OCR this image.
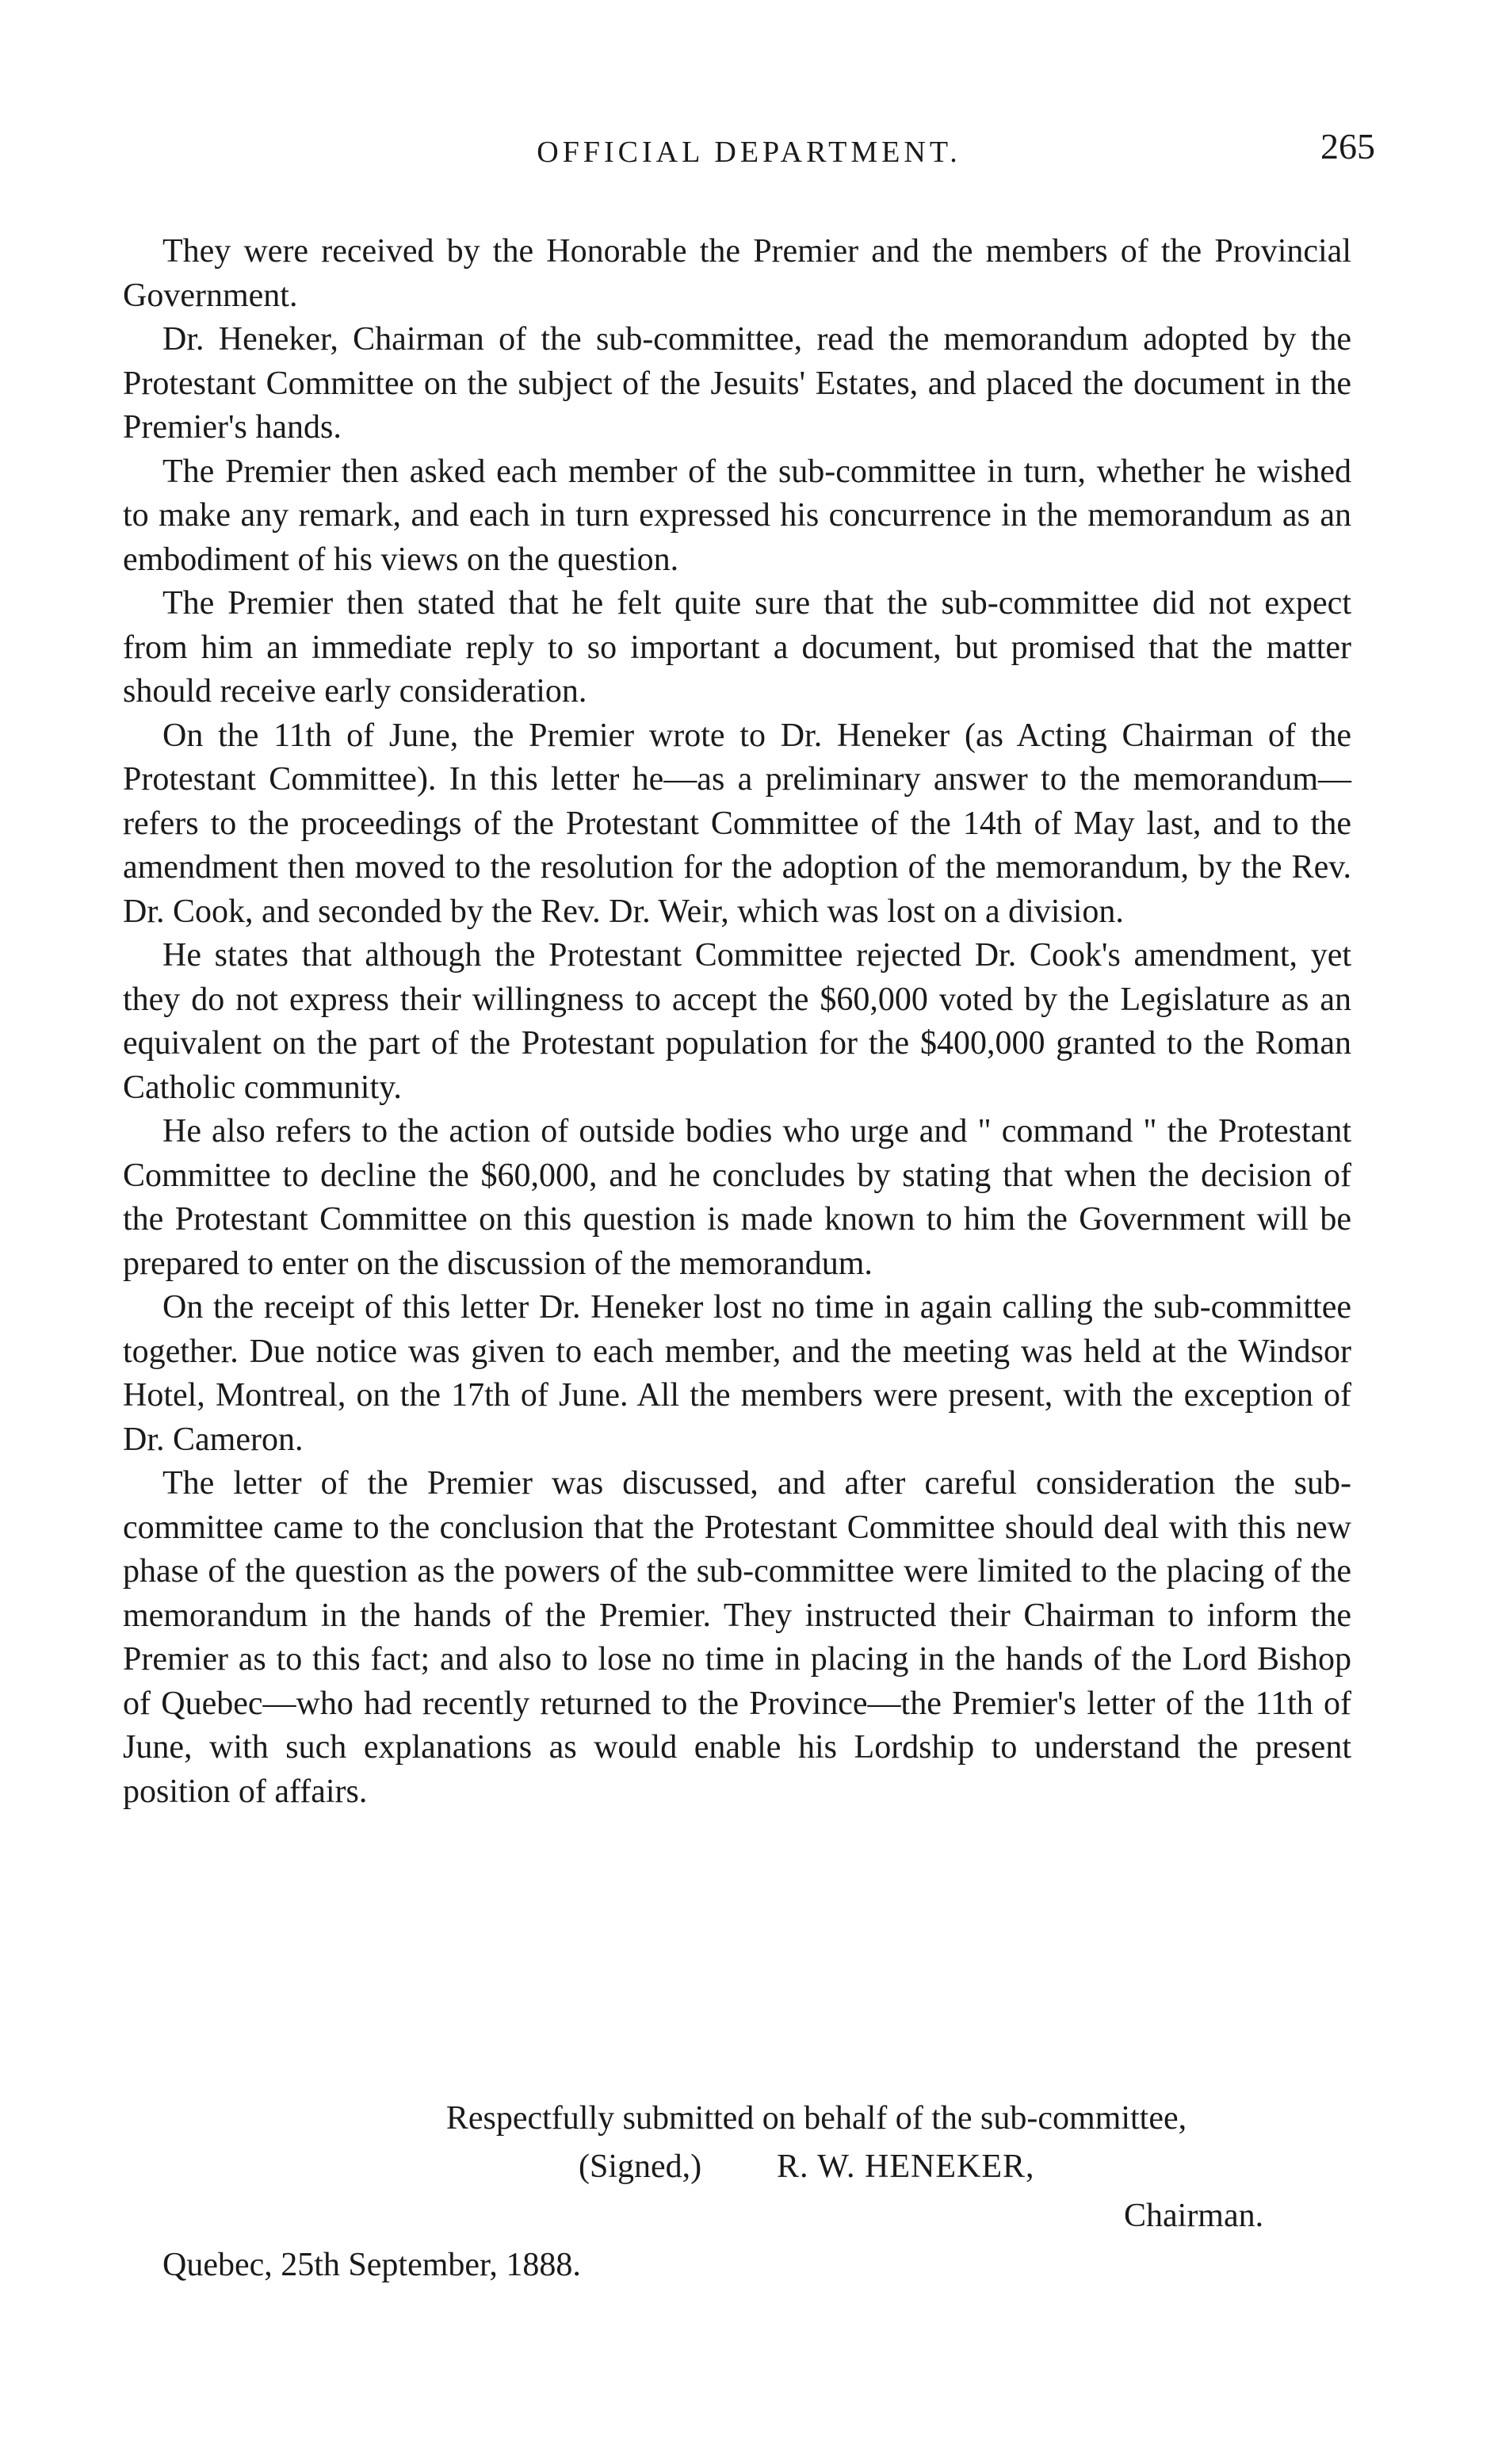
OFFICIAL DEPARTMENT.	265

They were received by the Honorable the Premier and the members of the Provincial Government.

Dr. Heneker, Chairman of the sub-committee, read the memorandum adopted by the Protestant Committee on the subject of the Jesuits' Estates, and placed the document in the Premier's hands.

The Premier then asked each member of the sub-committee in turn, whether he wished to make any remark, and each in turn expressed his concurrence in the memorandum as an embodiment of his views on the question.

The Premier then stated that he felt quite sure that the sub-committee did not expect from him an immediate reply to so important a document, but promised that the matter should receive early consideration.

On the 11th of June, the Premier wrote to Dr. Heneker (as Acting Chairman of the Protestant Committee). In this letter he—as a preliminary answer to the memorandum—refers to the proceedings of the Protestant Committee of the 14th of May last, and to the amendment then moved to the resolution for the adoption of the memorandum, by the Rev. Dr. Cook, and seconded by the Rev. Dr. Weir, which was lost on a division.

He states that although the Protestant Committee rejected Dr. Cook's amendment, yet they do not express their willingness to accept the $60,000 voted by the Legislature as an equivalent on the part of the Protestant population for the $400,000 granted to the Roman Catholic community.

He also refers to the action of outside bodies who urge and " command " the Protestant Committee to decline the $60,000, and he concludes by stating that when the decision of the Protestant Committee on this question is made known to him the Government will be prepared to enter on the discussion of the memorandum.

On the receipt of this letter Dr. Heneker lost no time in again calling the sub-committee together. Due notice was given to each member, and the meeting was held at the Windsor Hotel, Montreal, on the 17th of June. All the members were present, with the exception of Dr. Cameron.

The letter of the Premier was discussed, and after careful consideration the sub-committee came to the conclusion that the Protestant Committee should deal with this new phase of the question as the powers of the sub-committee were limited to the placing of the memorandum in the hands of the Premier. They instructed their Chairman to inform the Premier as to this fact; and also to lose no time in placing in the hands of the Lord Bishop of Quebec—who had recently returned to the Province—the Premier's letter of the 11th of June, with such explanations as would enable his Lordship to understand the present position of affairs.

Respectfully submitted on behalf of the sub-committee,
(Signed,) R. W. HENEKER,
Chairman.
Quebec, 25th September, 1888.
